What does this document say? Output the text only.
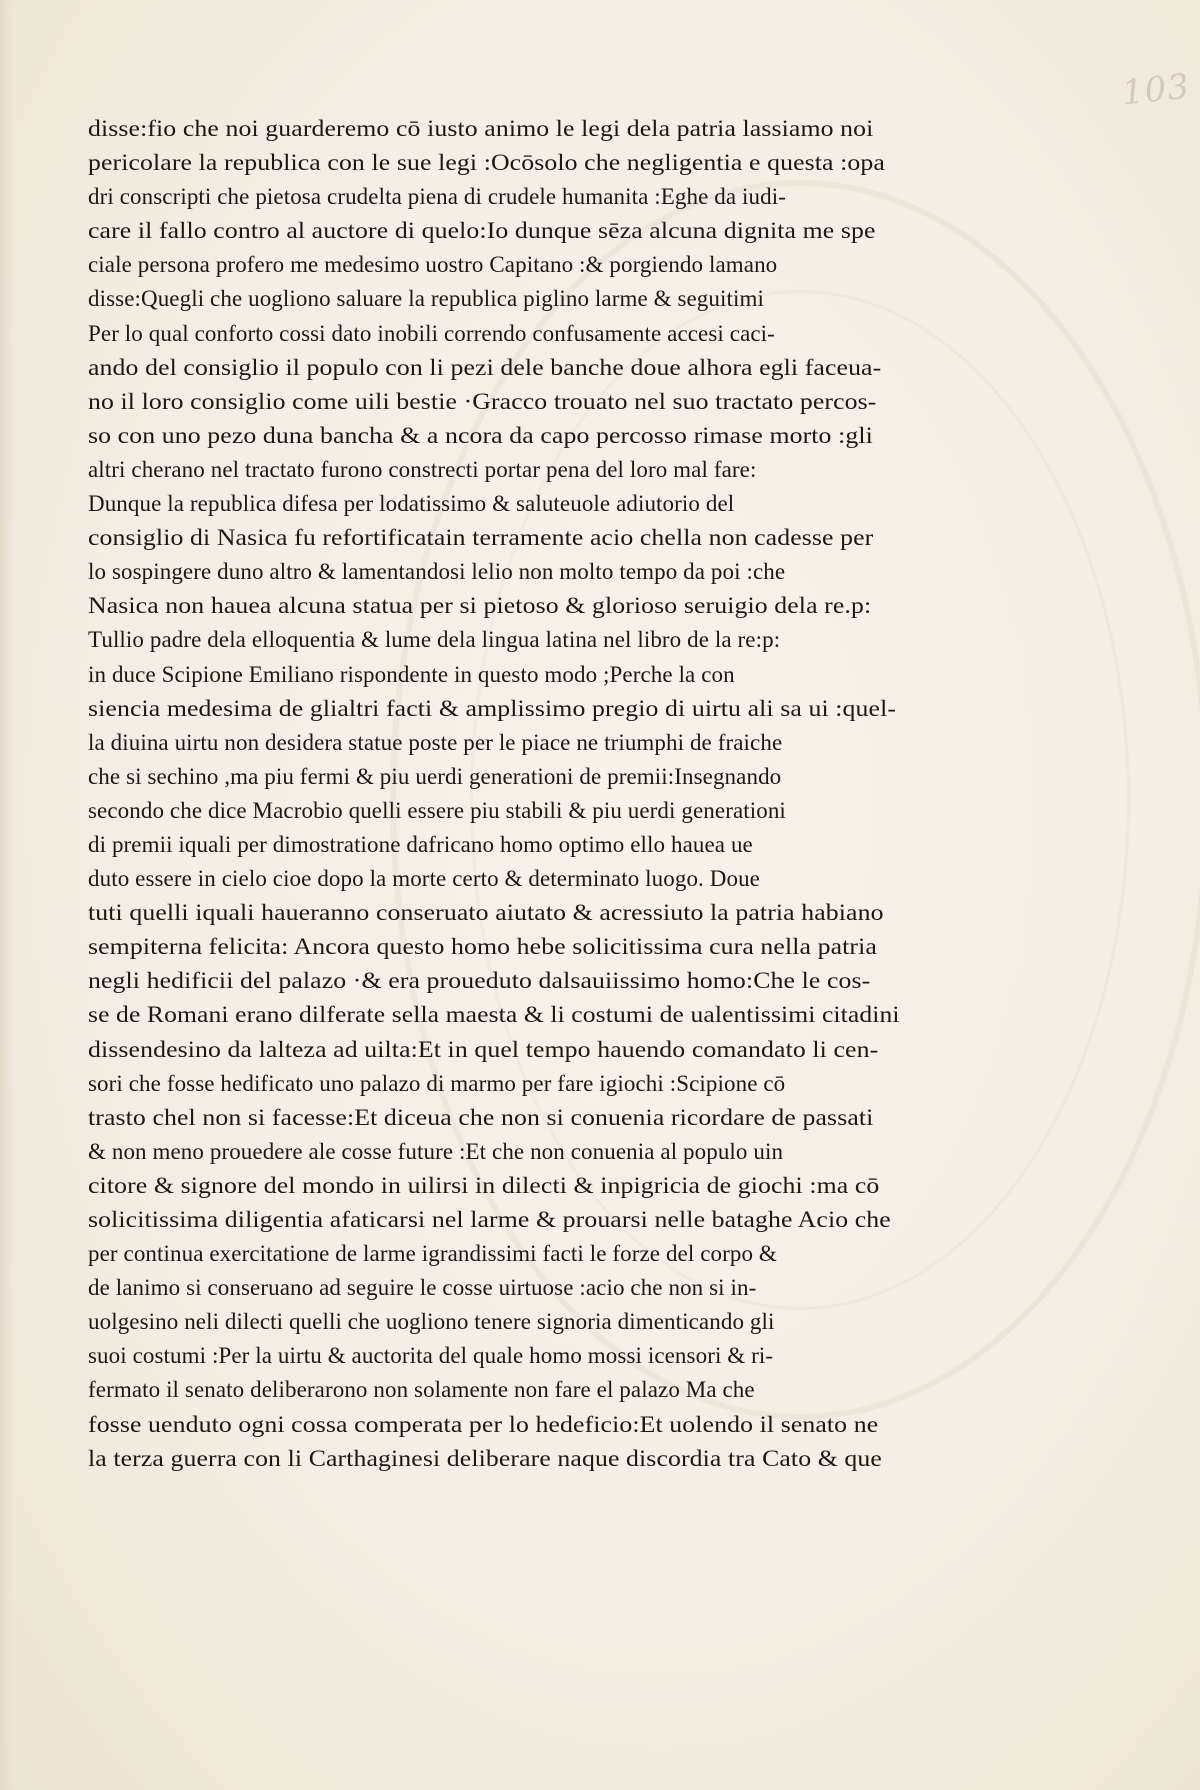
103
disse:fio che noi guarderemo cō iusto animo le legi dela patria lassiamo noi
pericolare la republica con le sue legi :Ocōsolo che negligentia e questa :opa
dri conscripti che pietosa crudelta piena di crudele humanita :Eghe da iudi-
care il fallo contro al auctore di quelo:Io dunque sēza alcuna dignita me spe
ciale persona profero me medesimo uostro Capitano :& porgiendo lamano
disse:Quegli che uogliono saluare la republica piglino larme & seguitimi
Per lo qual conforto cossi dato inobili correndo confusamente accesi caci-
ando del consiglio il populo con li pezi dele banche doue alhora egli faceua-
no il loro consiglio come uili bestie ·Gracco trouato nel suo tractato percos-
so con uno pezo duna bancha & a ncora da capo percosso rimase morto :gli
altri cherano nel tractato furono constrecti portar pena del loro mal fare:
Dunque la republica difesa per lodatissimo & saluteuole adiutorio del
consiglio di Nasica fu refortificatain terramente acio chella non cadesse per
lo sospingere duno altro & lamentandosi lelio non molto tempo da poi :che
Nasica non hauea alcuna statua per si pietoso & glorioso seruigio dela re.p:
Tullio padre dela elloquentia & lume dela lingua latina nel libro de la re:p:
in duce Scipione Emiliano rispondente in questo modo ;Perche la con
siencia medesima de glialtri facti & amplissimo pregio di uirtu ali sa ui :quel-
la diuina uirtu non desidera statue poste per le piace ne triumphi de fraiche
che si sechino ,ma piu fermi & piu uerdi generationi de premii:Insegnando
secondo che dice Macrobio quelli essere piu stabili & piu uerdi generationi
di premii iquali per dimostratione dafricano homo optimo ello hauea ue
duto essere in cielo cioe dopo la morte certo & determinato luogo. Doue
tuti quelli iquali haueranno conseruato aiutato & acressiuto la patria habiano
sempiterna felicita: Ancora questo homo hebe solicitissima cura nella patria
negli hedificii del palazo ·& era proueduto dalsauiissimo homo:Che le cos-
se de Romani erano dilferate sella maesta & li costumi de ualentissimi citadini
dissendesino da lalteza ad uilta:Et in quel tempo hauendo comandato li cen-
sori che fosse hedificato uno palazo di marmo per fare igiochi :Scipione cō
trasto chel non si facesse:Et diceua che non si conuenia ricordare de passati
& non meno prouedere ale cosse future :Et che non conuenia al populo uin
citore & signore del mondo in uilirsi in dilecti & inpigricia de giochi :ma cō
solicitissima diligentia afaticarsi nel larme & prouarsi nelle bataghe Acio che
per continua exercitatione de larme igrandissimi facti le forze del corpo &
de lanimo si conseruano ad seguire le cosse uirtuose :acio che non si in-
uolgesino neli dilecti quelli che uogliono tenere signoria dimenticando gli
suoi costumi :Per la uirtu & auctorita del quale homo mossi icensori & ri-
fermato il senato deliberarono non solamente non fare el palazo Ma che
fosse uenduto ogni cossa comperata per lo hedeficio:Et uolendo il senato ne
la terza guerra con li Carthaginesi deliberare naque discordia tra Cato & que
